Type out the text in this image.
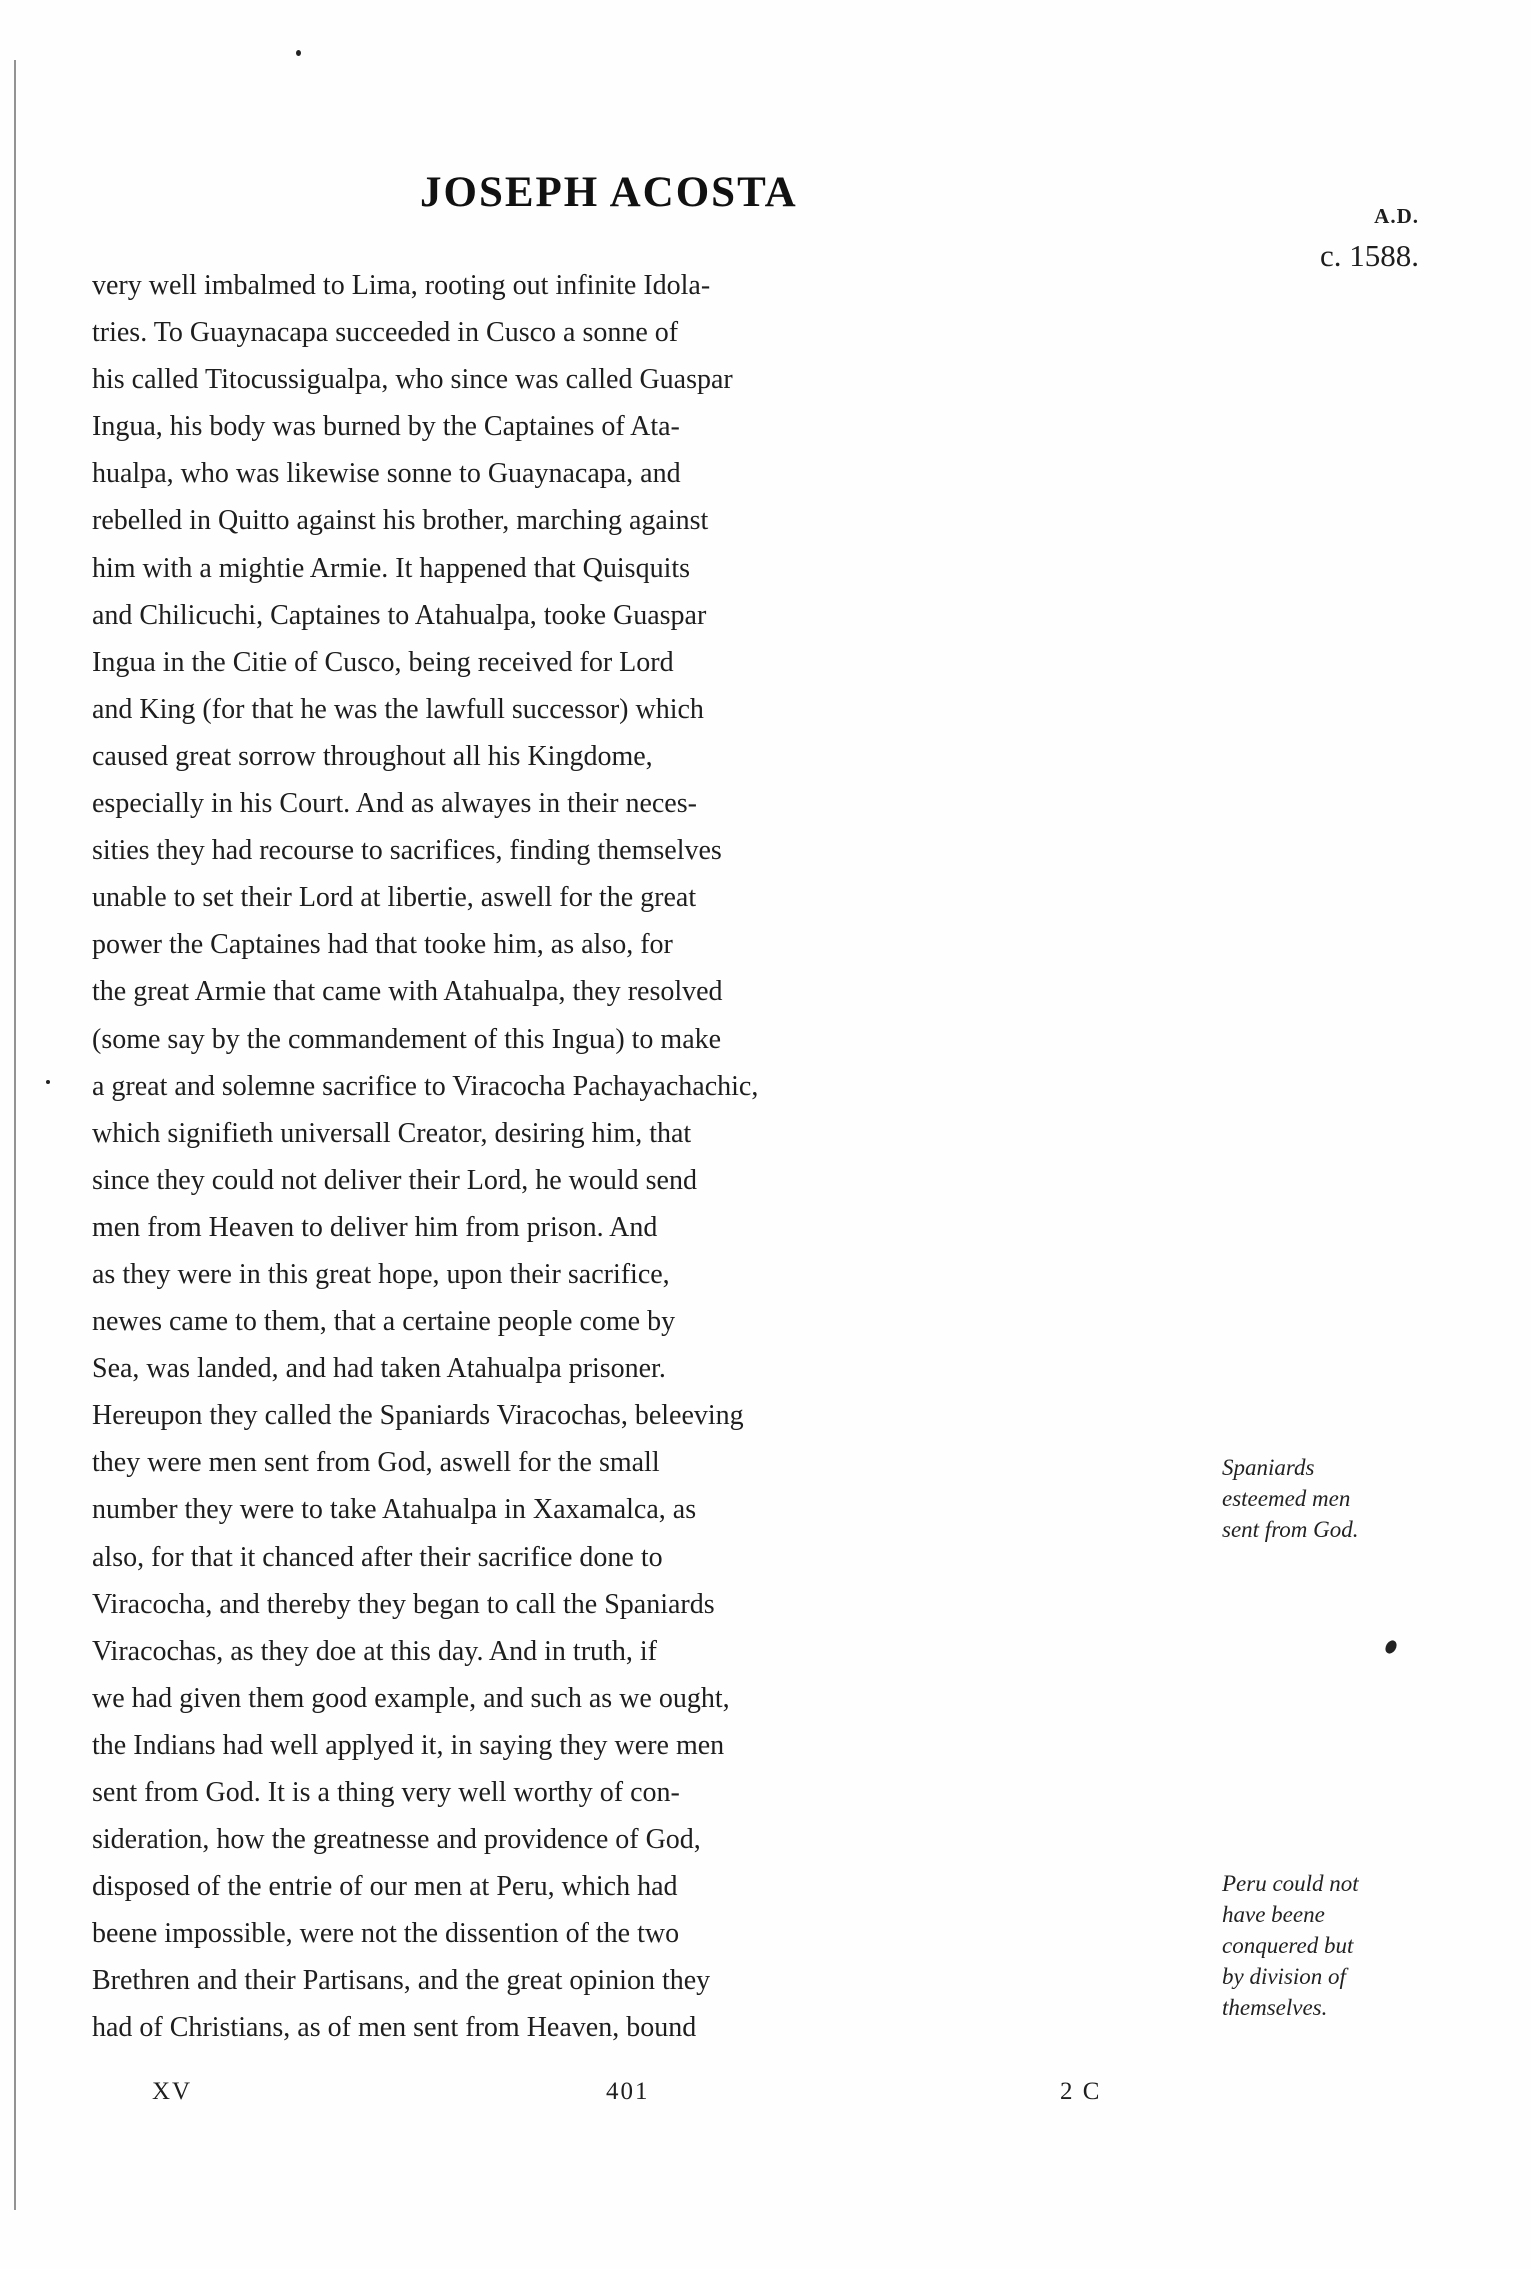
JOSEPH ACOSTA	A.D.
c. 1588.
very well imbalmed to Lima, rooting out infinite Idola-
tries. To Guaynacapa succeeded in Cusco a sonne of
his called Titocussigualpa, who since was called Guaspar
Ingua, his body was burned by the Captaines of Ata-
hualpa, who was likewise sonne to Guaynacapa, and
rebelled in Quitto against his brother, marching against
him with a mightie Armie. It happened that Quisquits
and Chilicuchi, Captaines to Atahualpa, tooke Guaspar
Ingua in the Citie of Cusco, being received for Lord
and King (for that he was the lawfull successor) which
caused great sorrow throughout all his Kingdome,
especially in his Court. And as alwayes in their neces-
sities they had recourse to sacrifices, finding themselves
unable to set their Lord at libertie, aswell for the great
power the Captaines had that tooke him, as also, for
the great Armie that came with Atahualpa, they resolved
(some say by the commandement of this Ingua) to make
a great and solemne sacrifice to Viracocha Pachayachachic,
which signifieth universall Creator, desiring him, that
since they could not deliver their Lord, he would send
men from Heaven to deliver him from prison. And
as they were in this great hope, upon their sacrifice,
newes came to them, that a certaine people come by
Sea, was landed, and had taken Atahualpa prisoner.
Hereupon they called the Spaniards Viracochas, beleeving
they were men sent from God, aswell for the small
number they were to take Atahualpa in Xaxamalca, as
also, for that it chanced after their sacrifice done to
Viracocha, and thereby they began to call the Spaniards
Viracochas, as they doe at this day. And in truth, if
we had given them good example, and such as we ought,
the Indians had well applyed it, in saying they were men
sent from God. It is a thing very well worthy of con-
sideration, how the greatnesse and providence of God,
disposed of the entrie of our men at Peru, which had
beene impossible, were not the dissention of the two
Brethren and their Partisans, and the great opinion they
had of Christians, as of men sent from Heaven, bound
Spaniards
esteemed men
sent from God.
Peru could not
have beene
conquered but
by division of
themselves.
XV	401	2 C
